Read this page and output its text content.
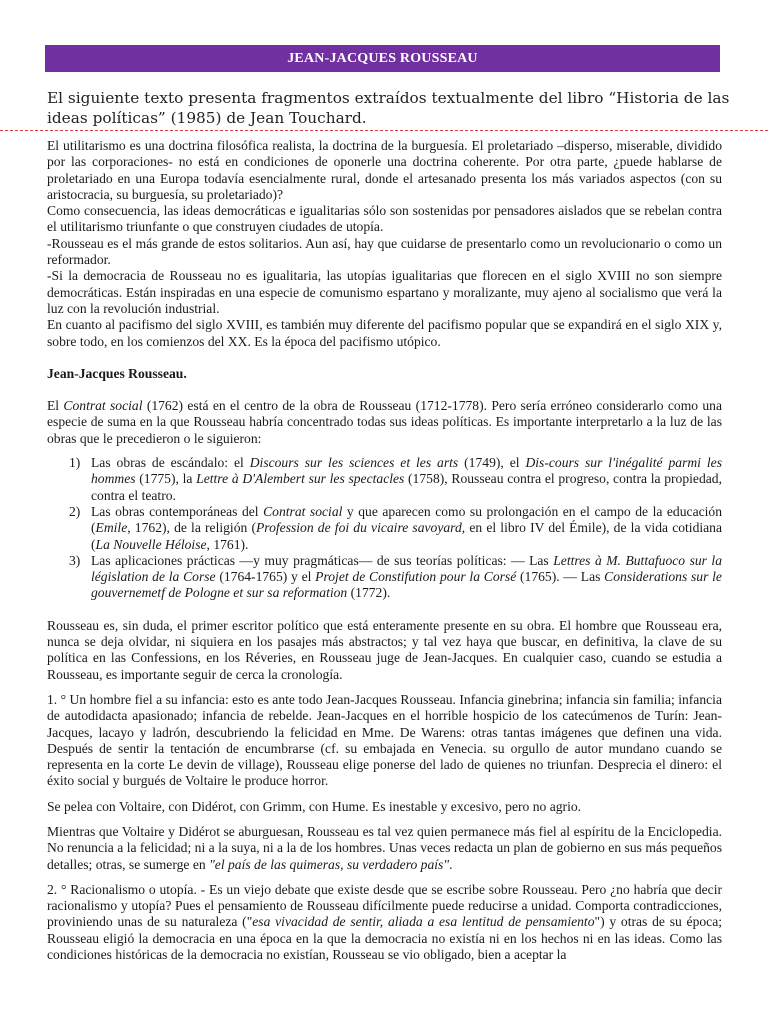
JEAN-JACQUES ROUSSEAU
El siguiente texto presenta fragmentos extraídos textualmente del libro “Historia de las ideas políticas” (1985) de Jean Touchard.

El utilitarismo es una doctrina filosófica realista, la doctrina de la burguesía. El proletariado –disperso, miserable, dividido por las corporaciones- no está en condiciones de oponerle una doctrina coherente. Por otra parte, ¿puede hablarse de proletariado en una Europa todavía esencialmente rural, donde el artesanado presenta los más variados aspectos (con su aristocracia, su burguesía, su proletariado)?

Como consecuencia, las ideas democráticas e igualitarias sólo son sostenidas por pensadores aislados que se rebelan contra el utilitarismo triunfante o que construyen ciudades de utopía.

-Rousseau es el más grande de estos solitarios. Aun así, hay que cuidarse de presentarlo como un revolucionario o como un reformador.

-Si la democracia de Rousseau no es igualitaria, las utopías igualitarias que florecen en el siglo XVIII no son siempre democráticas. Están inspiradas en una especie de comunismo espartano y moralizante, muy ajeno al socialismo que verá la luz con la revolución industrial.

En cuanto al pacifismo del siglo XVIII, es también muy diferente del pacifismo popular que se expandirá en el siglo XIX y, sobre todo, en los comienzos del XX. Es la época del pacifismo utópico.

Jean-Jacques Rousseau.

El Contrat social (1762) está en el centro de la obra de Rousseau (1712-1778). Pero sería erróneo considerarlo como una especie de suma en la que Rousseau habría concentrado todas sus ideas políticas. Es importante interpretarlo a la luz de las obras que le precedieron o le siguieron:

1) Las obras de escándalo: el Discours sur les sciences et les arts (1749), el Dis-cours sur l'inégalité parmi les hommes (1775), la Lettre à D'Alembert sur les spectacles (1758), Rousseau contra el progreso, contra la propiedad, contra el teatro.
2) Las obras contemporáneas del Contrat social y que aparecen como su prolongación en el campo de la educación (Emile, 1762), de la religión (Profession de foi du vicaire savoyard, en el libro IV del Émile), de la vida cotidiana (La Nouvelle Héloise, 1761).
3) Las aplicaciones prácticas —y muy pragmáticas— de sus teorías políticas: — Las Lettres à M. Buttafuoco sur la législation de la Corse (1764-1765) y el Projet de Constifution pour la Corsé (1765). — Las Considerations sur le gouvernemetf de Pologne et sur sa reformation (1772).

Rousseau es, sin duda, el primer escritor político que está enteramente presente en su obra. El hombre que Rousseau era, nunca se deja olvidar, ni siquiera en los pasajes más abstractos; y tal vez haya que buscar, en definitiva, la clave de su política en las Confessions, en los Réveries, en Rousseau juge de Jean-Jacques. En cualquier caso, cuando se estudia a Rousseau, es importante seguir de cerca la cronología.

1. ° Un hombre fiel a su infancia: esto es ante todo Jean-Jacques Rousseau. Infancia ginebrina; infancia sin familia; infancia de autodidacta apasionado; infancia de rebelde. Jean-Jacques en el horrible hospicio de los catecúmenos de Turín: Jean-Jacques, lacayo y ladrón, descubriendo la felicidad en Mme. De Warens: otras tantas imágenes que definen una vida. Después de sentir la tentación de encumbrarse (cf. su embajada en Venecia. su orgullo de autor mundano cuando se representa en la corte Le devin de village), Rousseau elige ponerse del lado de quienes no triunfan. Desprecia el dinero: el éxito social y burgués de Voltaire le produce horror.

Se pelea con Voltaire, con Didérot, con Grimm, con Hume. Es inestable y excesivo, pero no agrio.

Mientras que Voltaire y Didérot se aburguesan, Rousseau es tal vez quien permanece más fiel al espíritu de la Enciclopedia. No renuncia a la felicidad; ni a la suya, ni a la de los hombres. Unas veces redacta un plan de gobierno en sus más pequeños detalles; otras, se sumerge en "el país de las quimeras, su verdadero país".

2. ° Racionalismo o utopía. - Es un viejo debate que existe desde que se escribe sobre Rousseau. Pero ¿no habría que decir racionalismo y utopía? Pues el pensamiento de Rousseau difícilmente puede reducirse a unidad. Comporta contradicciones, proviniendo unas de su naturaleza ("esa vivacidad de sentir, aliada a esa lentitud de pensamiento") y otras de su época; Rousseau eligió la democracia en una época en la que la democracia no existía ni en los hechos ni en las ideas. Como las condiciones históricas de la democracia no existían, Rousseau se vio obligado, bien a aceptar la
